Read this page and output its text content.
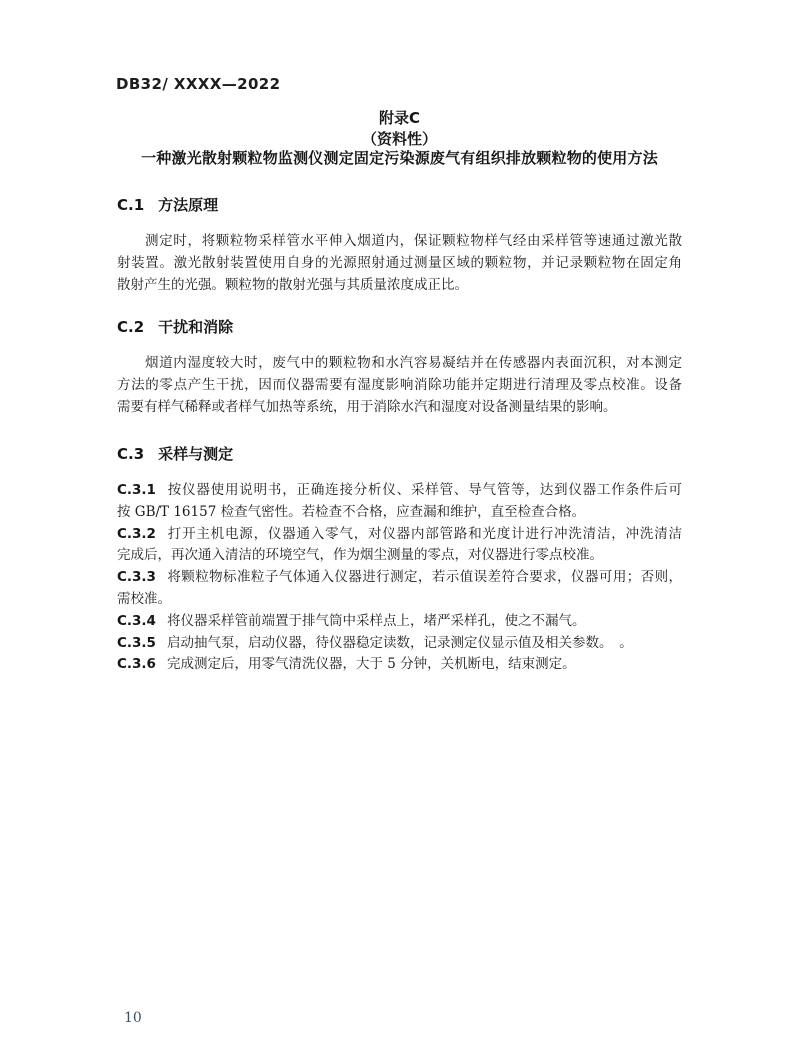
DB32/ XXXX—2022
附录C
（资料性）
一种激光散射颗粒物监测仪测定固定污染源废气有组织排放颗粒物的使用方法
C.1 方法原理
测定时，将颗粒物采样管水平伸入烟道内，保证颗粒物样气经由采样管等速通过激光散
射装置。激光散射装置使用自身的光源照射通过测量区域的颗粒物，并记录颗粒物在固定角
散射产生的光强。颗粒物的散射光强与其质量浓度成正比。
C.2 干扰和消除
烟道内湿度较大时，废气中的颗粒物和水汽容易凝结并在传感器内表面沉积，对本测定
方法的零点产生干扰，因而仪器需要有湿度影响消除功能并定期进行清理及零点校准。设备
需要有样气稀释或者样气加热等系统，用于消除水汽和湿度对设备测量结果的影响。
C.3 采样与测定
C.3.1 按仪器使用说明书，正确连接分析仪、采样管、导气管等，达到仪器工作条件后可
按 GB/T 16157 检查气密性。若检查不合格，应查漏和维护，直至检查合格。
C.3.2 打开主机电源，仪器通入零气，对仪器内部管路和光度计进行冲洗清洁，冲洗清洁
完成后，再次通入清洁的环境空气，作为烟尘测量的零点，对仪器进行零点校准。
C.3.3 将颗粒物标准粒子气体通入仪器进行测定，若示值误差符合要求，仪器可用；否则，
需校准。
C.3.4 将仪器采样管前端置于排气筒中采样点上，堵严采样孔，使之不漏气。
C.3.5 启动抽气泵，启动仪器，待仪器稳定读数，记录测定仪显示值及相关参数。　。
C.3.6 完成测定后，用零气清洗仪器，大于 5 分钟，关机断电，结束测定。
10
